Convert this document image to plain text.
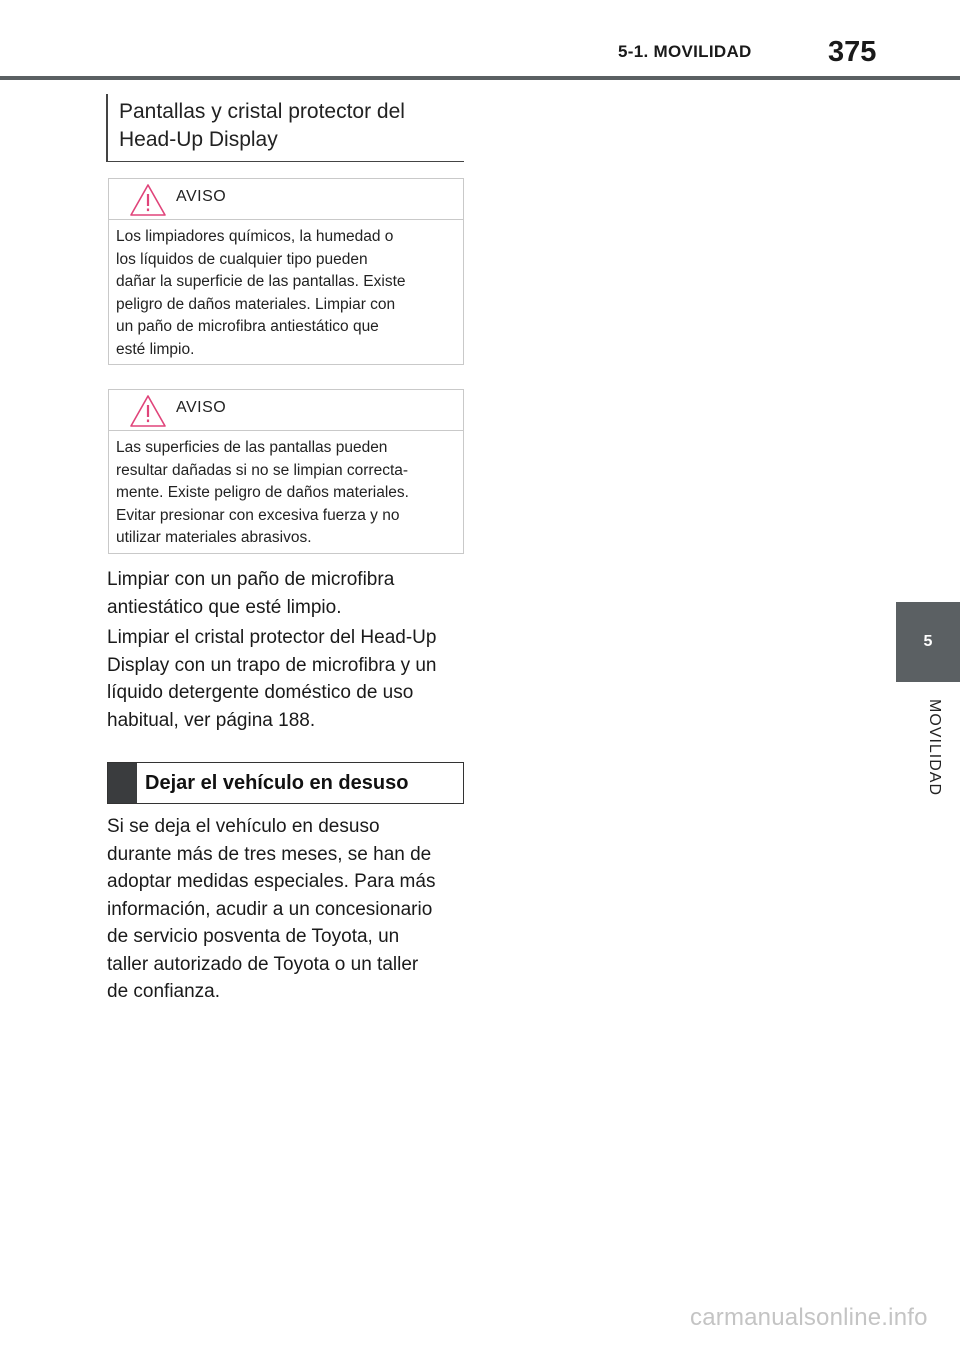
5-1. MOVILIDAD	375
5
MOVILIDAD
Pantallas y cristal protector del
Head-Up Display
AVISO
Los limpiadores químicos, la humedad o
los líquidos de cualquier tipo pueden
dañar la superficie de las pantallas. Existe
peligro de daños materiales. Limpiar con
un paño de microfibra antiestático que
esté limpio.
AVISO
Las superficies de las pantallas pueden
resultar dañadas si no se limpian correcta-
mente. Existe peligro de daños materiales.
Evitar presionar con excesiva fuerza y no
utilizar materiales abrasivos.
Limpiar con un paño de microfibra
antiestático que esté limpio.
Limpiar el cristal protector del Head-Up
Display con un trapo de microfibra y un
líquido detergente doméstico de uso
habitual, ver página 188.
Dejar el vehículo en desuso
Si se deja el vehículo en desuso
durante más de tres meses, se han de
adoptar medidas especiales. Para más
información, acudir a un concesionario
de servicio posventa de Toyota, un
taller autorizado de Toyota o un taller
de confianza.
carmanualsonline.info
